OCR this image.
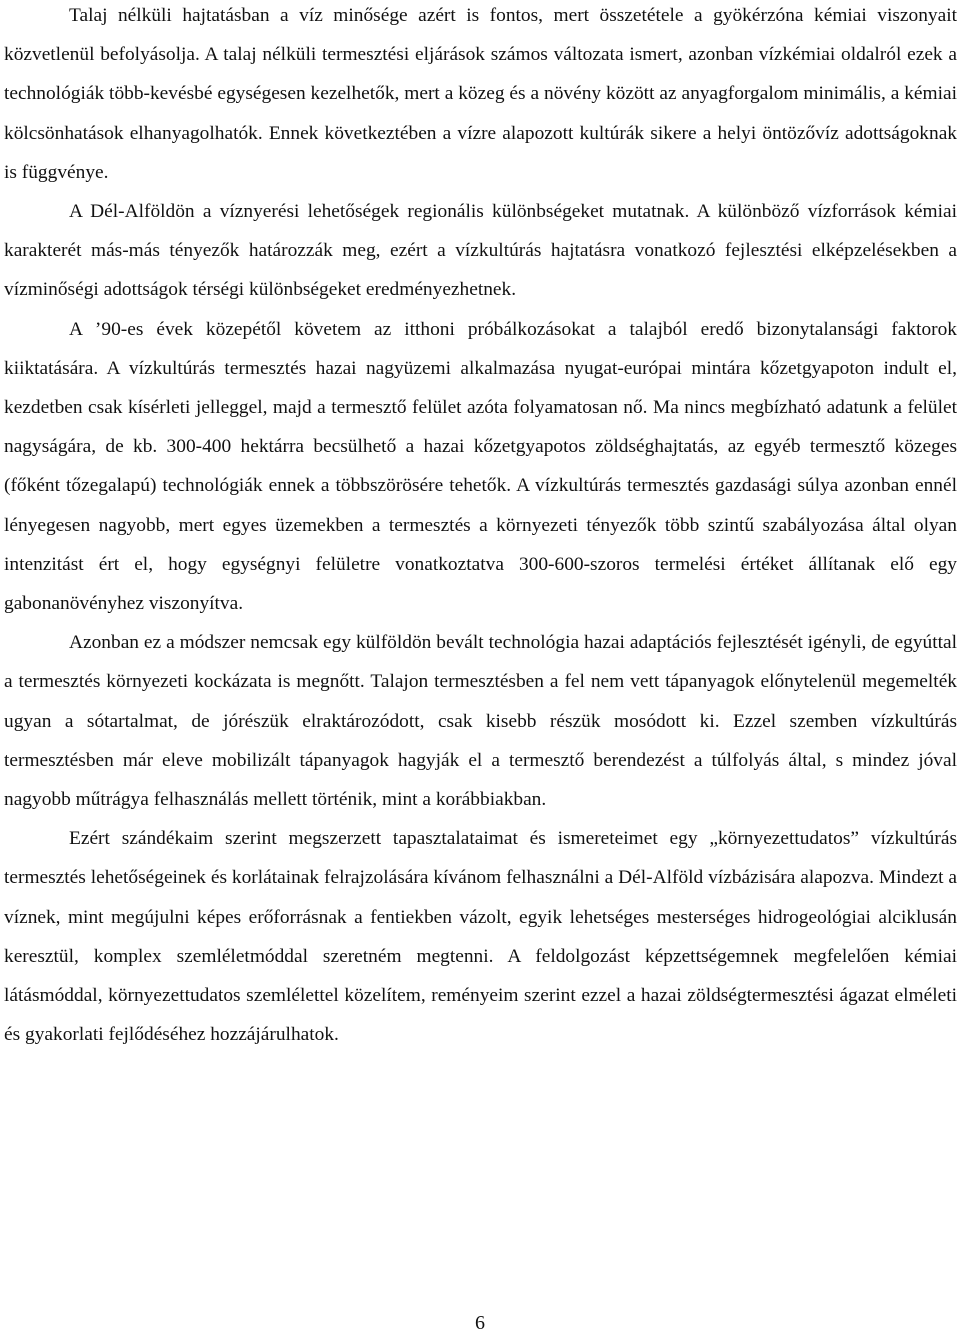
Talaj nélküli hajtatásban a víz minősége azért is fontos, mert összetétele a gyökérzóna kémiai viszonyait közvetlenül befolyásolja. A talaj nélküli termesztési eljárások számos változata ismert, azonban vízkémiai oldalról ezek a technológiák több-kevésbé egységesen kezelhetők, mert a közeg és a növény között az anyagforgalom minimális, a kémiai kölcsönhatások elhanyagolhatók. Ennek következtében a vízre alapozott kultúrák sikere a helyi öntözővíz adottságoknak is függvénye.

A Dél-Alföldön a víznyerési lehetőségek regionális különbségeket mutatnak. A különböző vízforrások kémiai karakterét más-más tényezők határozzák meg, ezért a vízkultúrás hajtatásra vonatkozó fejlesztési elképzelésekben a vízminőségi adottságok térségi különbségeket eredményezhetnek.

A ’90-es évek közepétől követem az itthoni próbálkozásokat a talajból eredő bizonytalansági faktorok kiiktatására. A vízkultúrás termesztés hazai nagyüzemi alkalmazása nyugat-európai mintára kőzetgyapoton indult el, kezdetben csak kísérleti jelleggel, majd a termesztő felület azóta folyamatosan nő. Ma nincs megbízható adatunk a felület nagyságára, de kb. 300-400 hektárra becsülhető a hazai kőzetgyapotos zöldséghajtatás, az egyéb termesztő közeges (főként tőzegalapú) technológiák ennek a többszörösére tehetők. A vízkultúrás termesztés gazdasági súlya azonban ennél lényegesen nagyobb, mert egyes üzemekben a termesztés a környezeti tényezők több szintű szabályozása által olyan intenzitást ért el, hogy egységnyi felületre vonatkoztatva 300-600-szoros termelési értéket állítanak elő egy gabonanövényhez viszonyítva.

Azonban ez a módszer nemcsak egy külföldön bevált technológia hazai adaptációs fejlesztését igényli, de egyúttal a termesztés környezeti kockázata is megnőtt. Talajon termesztésben a fel nem vett tápanyagok előnytelenül megemelték ugyan a sótartalmat, de jórészük elraktározódott, csak kisebb részük mosódott ki. Ezzel szemben vízkultúrás termesztésben már eleve mobilizált tápanyagok hagyják el a termesztő berendezést a túlfolyás által, s mindez jóval nagyobb műtrágya felhasználás mellett történik, mint a korábbiakban.

Ezért szándékaim szerint megszerzett tapasztalataimat és ismereteimet egy „környezettudatos” vízkultúrás termesztés lehetőségeinek és korlátainak felrajzolására kívánom felhasználni a Dél-Alföld vízbázisára alapozva. Mindezt a víznek, mint megújulni képes erőforrásnak a fentiekben vázolt, egyik lehetséges mesterséges hidrogeológiai alciklusán keresztül, komplex szemléletmóddal szeretném megtenni. A feldolgozást képzettségemnek megfelelően kémiai látásmóddal, környezettudatos szemlélettel közelítem, reményeim szerint ezzel a hazai zöldségtermesztési ágazat elméleti és gyakorlati fejlődéséhez hozzájárulhatok.

6
